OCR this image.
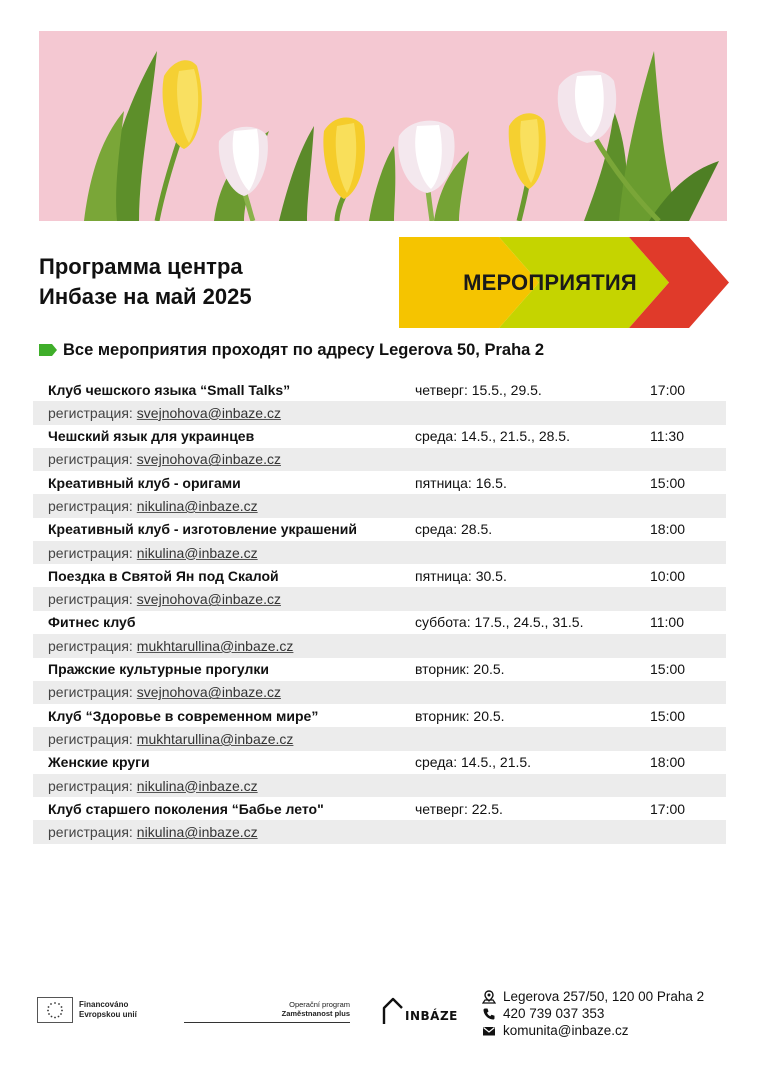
Программа центра
Инбазе на май 2025
МЕРОПРИЯТИЯ
Все мероприятия проходят по адресу Legerova 50, Praha 2
Клуб чешского языка “Small Talks”	четверг: 15.5., 29.5.	17:00
регистрация: svejnohova@inbaze.cz
Чешский язык для украинцев	среда: 14.5., 21.5., 28.5.	11:30
регистрация: svejnohova@inbaze.cz
Креативный клуб - оригами	пятница: 16.5.	15:00
регистрация: nikulina@inbaze.cz
Креативный клуб - изготовление украшений	среда: 28.5.	18:00
регистрация: nikulina@inbaze.cz
Поездка в Святой Ян под Скалой	пятница: 30.5.	10:00
регистрация: svejnohova@inbaze.cz
Фитнес клуб	суббота: 17.5., 24.5., 31.5.	11:00
регистрация: mukhtarullina@inbaze.cz
Пражские культурные прогулки	вторник: 20.5.	15:00
регистрация: svejnohova@inbaze.cz
Клуб “Здоровье в современном мире”	вторник: 20.5.	15:00
регистрация: mukhtarullina@inbaze.cz
Женские круги	среда: 14.5., 21.5.	18:00
регистрация: nikulina@inbaze.cz
Клуб старшего поколения “Бабье лето"	четверг: 22.5.	17:00
регистрация: nikulina@inbaze.cz
Financováno
Evropskou unií
Operační program
Zaměstnanost plus	INBÁZE
Legerova 257/50, 120 00 Praha 2
420 739 037 353
komunita@inbaze.cz
